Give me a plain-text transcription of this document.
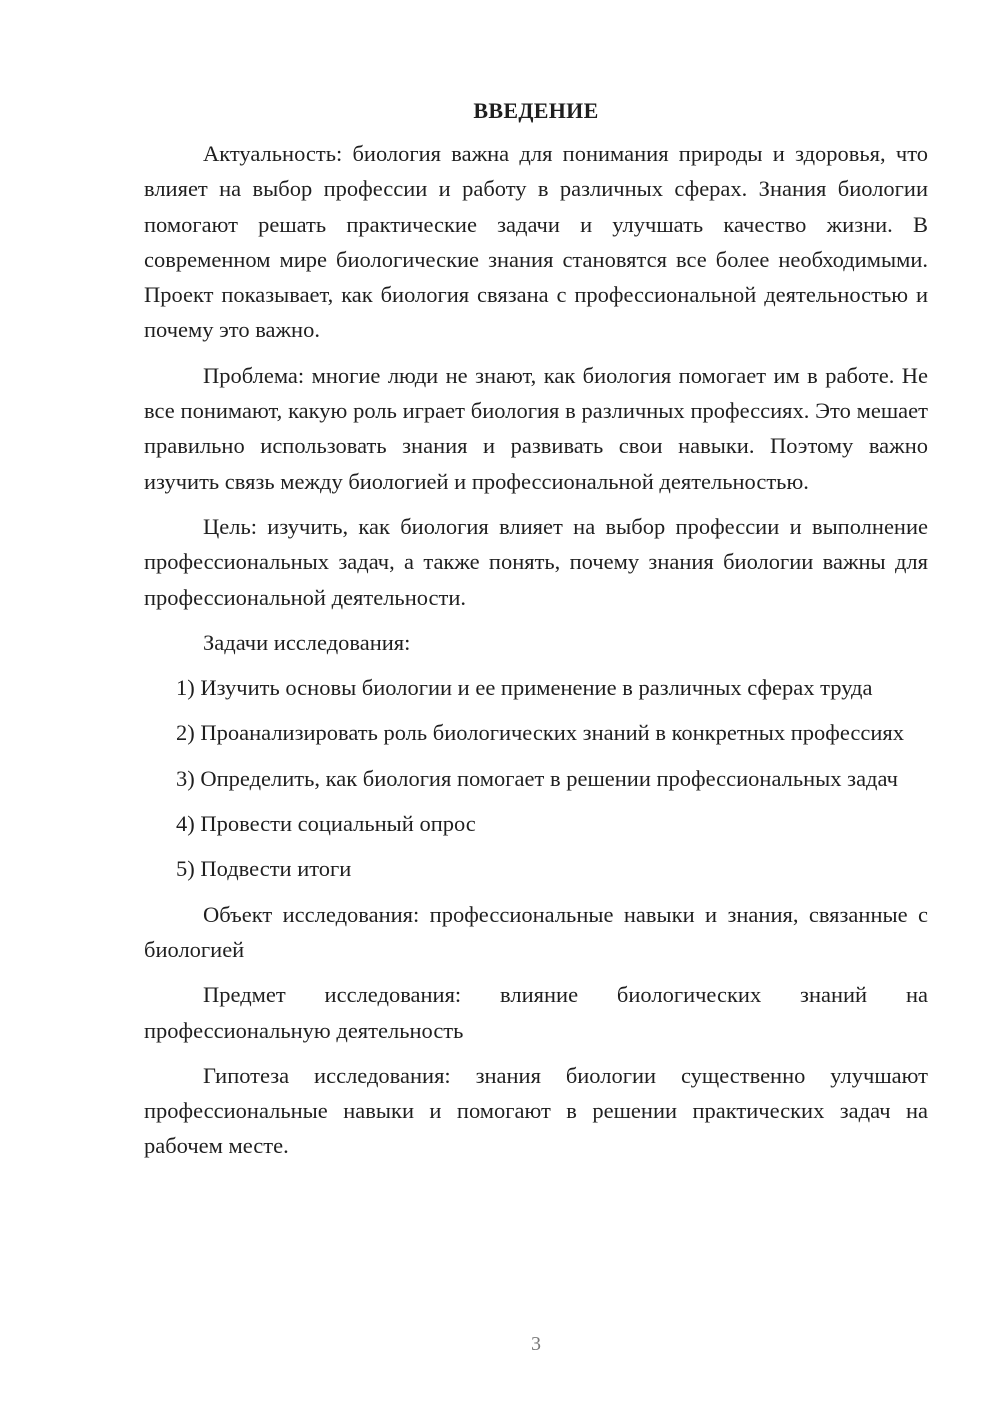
ВВЕДЕНИЕ

Актуальность: биология важна для понимания природы и здоровья, что влияет на выбор профессии и работу в различных сферах. Знания биологии помогают решать практические задачи и улучшать качество жизни. В современном мире биологические знания становятся все более необходимыми. Проект показывает, как биология связана с профессиональной деятельностью и почему это важно.

Проблема: многие люди не знают, как биология помогает им в работе. Не все понимают, какую роль играет биология в различных профессиях. Это мешает правильно использовать знания и развивать свои навыки. Поэтому важно изучить связь между биологией и профессиональной деятельностью.

Цель: изучить, как биология влияет на выбор профессии и выполнение профессиональных задач, а также понять, почему знания биологии важны для профессиональной деятельности.

Задачи исследования:

1) Изучить основы биологии и ее применение в различных сферах труда

2) Проанализировать роль биологических знаний в конкретных профессиях

3) Определить, как биология помогает в решении профессиональных задач

4) Провести социальный опрос

5) Подвести итоги

Объект исследования: профессиональные навыки и знания, связанные с биологией

Предмет исследования: влияние биологических знаний на профессиональную деятельность

Гипотеза исследования: знания биологии существенно улучшают профессиональные навыки и помогают в решении практических задач на рабочем месте.

3
